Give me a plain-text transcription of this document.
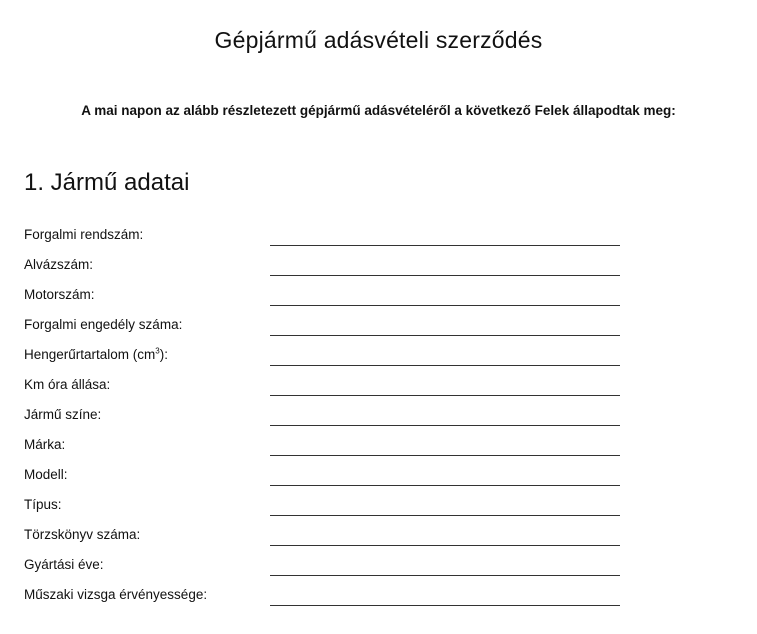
Gépjármű adásvételi szerződés

A mai napon az alább részletezett gépjármű adásvételéről a következő Felek állapodtak meg:

1. Jármű adatai
Forgalmi rendszám:
Alvázszám:
Motorszám:
Forgalmi engedély száma:
Hengerűrtartalom $(cm^3)$:
Km óra állása:
Jármű színe:
Márka:
Modell:
Típus:
Törzskönyv száma:
Gyártási éve:
Műszaki vizsga érvényessége:
